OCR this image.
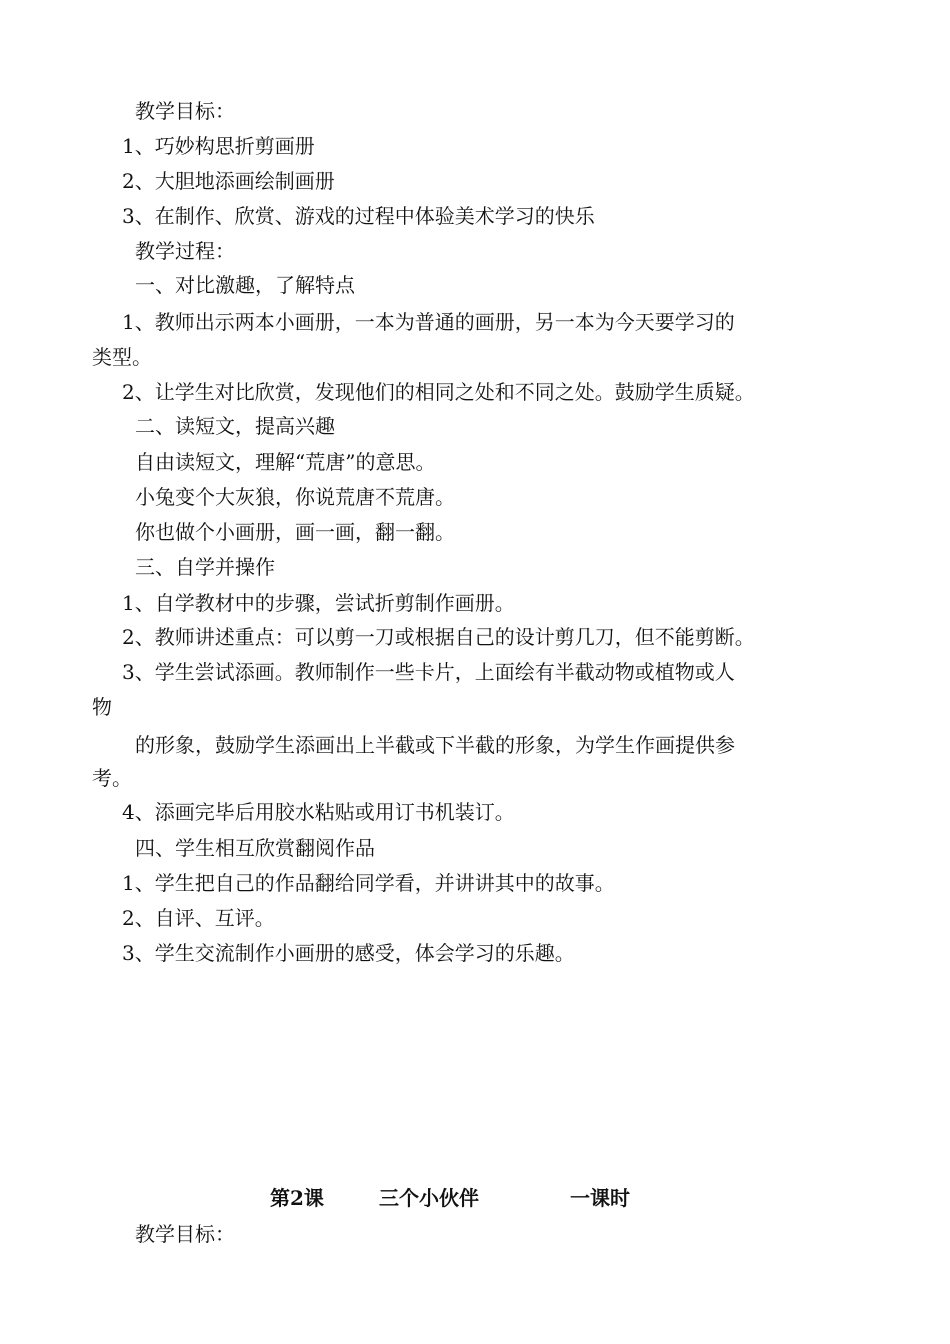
教学目标：
1、巧妙构思折剪画册
2、大胆地添画绘制画册
3、在制作、欣赏、游戏的过程中体验美术学习的快乐
教学过程：
一、对比激趣，了解特点
1、教师出示两本小画册，一本为普通的画册，另一本为今天要学习的
类型。
2、让学生对比欣赏，发现他们的相同之处和不同之处。鼓励学生质疑。
二、读短文，提高兴趣
自由读短文，理解“荒唐”的意思。
小兔变个大灰狼，你说荒唐不荒唐。
你也做个小画册，画一画，翻一翻。
三、自学并操作
1、自学教材中的步骤，尝试折剪制作画册。
2、教师讲述重点：可以剪一刀或根据自己的设计剪几刀，但不能剪断。
3、学生尝试添画。教师制作一些卡片，上面绘有半截动物或植物或人
物
的形象，鼓励学生添画出上半截或下半截的形象，为学生作画提供参
考。
4、添画完毕后用胶水粘贴或用订书机装订。
四、学生相互欣赏翻阅作品
1、学生把自己的作品翻给同学看，并讲讲其中的故事。
2、自评、互评。
3、学生交流制作小画册的感受，体会学习的乐趣。
第2课	三个小伙伴	一课时
教学目标：
